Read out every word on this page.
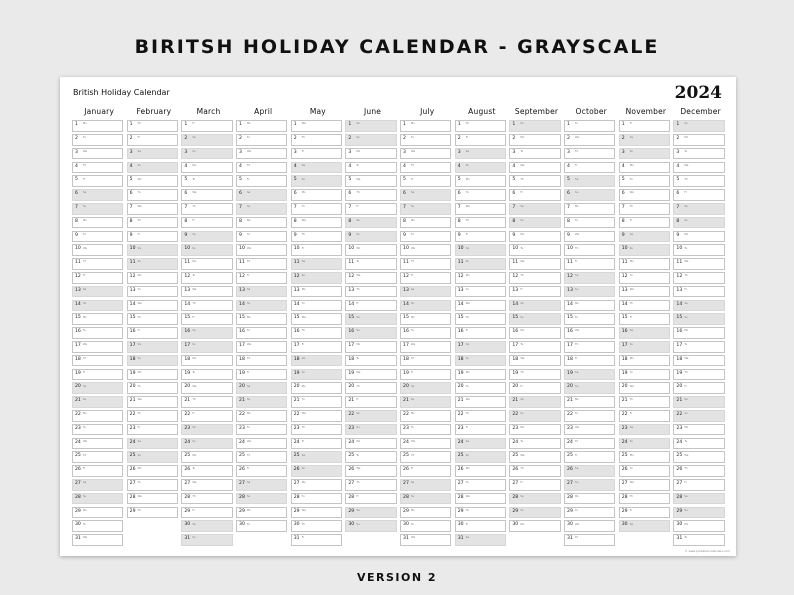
BIRITSH HOLIDAY CALENDAR - GRAYSCALE
British Holiday Calendar	2024
January
1 Mo
2 Tu
3 We
4 Th
5 Fr
6 Sa
7 Su
8 Mo
9 Tu
10 We
11 Th
12 Fr
13 Sa
14 Su
15 Mo
16 Tu
17 We
18 Th
19 Fr
20 Sa
21 Su
22 Mo
23 Tu
24 We
25 Th
26 Fr
27 Sa
28 Su
29 Mo
30 Tu
31 We
February
1 Th
2 Fr
3 Sa
4 Su
5 Mo
6 Tu
7 We
8 Th
9 Fr
10 Sa
11 Su
12 Mo
13 Tu
14 We
15 Th
16 Fr
17 Sa
18 Su
19 Mo
20 Tu
21 We
22 Th
23 Fr
24 Sa
25 Su
26 Mo
27 Tu
28 We
29 Th
March
1 Fr
2 Sa
3 Su
4 Mo
5 Tu
6 We
7 Th
8 Fr
9 Sa
10 Su
11 Mo
12 Tu
13 We
14 Th
15 Fr
16 Sa
17 Su
18 Mo
19 Tu
20 We
21 Th
22 Fr
23 Sa
24 Su
25 Mo
26 Tu
27 We
28 Th
29 Fr
30 Sa
31 Su
April
1 Mo
2 Tu
3 We
4 Th
5 Fr
6 Sa
7 Su
8 Mo
9 Tu
10 We
11 Th
12 Fr
13 Sa
14 Su
15 Mo
16 Tu
17 We
18 Th
19 Fr
20 Sa
21 Su
22 Mo
23 Tu
24 We
25 Th
26 Fr
27 Sa
28 Su
29 Mo
30 Tu
May
1 We
2 Th
3 Fr
4 Sa
5 Su
6 Mo
7 Tu
8 We
9 Th
10 Fr
11 Sa
12 Su
13 Mo
14 Tu
15 We
16 Th
17 Fr
18 Sa
19 Su
20 Mo
21 Tu
22 We
23 Th
24 Fr
25 Sa
26 Su
27 Mo
28 Tu
29 We
30 Th
31 Fr
June
1 Sa
2 Su
3 Mo
4 Tu
5 We
6 Th
7 Fr
8 Sa
9 Su
10 Mo
11 Tu
12 We
13 Th
14 Fr
15 Sa
16 Su
17 Mo
18 Tu
19 We
20 Th
21 Fr
22 Sa
23 Su
24 Mo
25 Tu
26 We
27 Th
28 Fr
29 Sa
30 Su
July
1 Mo
2 Tu
3 We
4 Th
5 Fr
6 Sa
7 Su
8 Mo
9 Tu
10 We
11 Th
12 Fr
13 Sa
14 Su
15 Mo
16 Tu
17 We
18 Th
19 Fr
20 Sa
21 Su
22 Mo
23 Tu
24 We
25 Th
26 Fr
27 Sa
28 Su
29 Mo
30 Tu
31 We
August
1 Th
2 Fr
3 Sa
4 Su
5 Mo
6 Tu
7 We
8 Th
9 Fr
10 Sa
11 Su
12 Mo
13 Tu
14 We
15 Th
16 Fr
17 Sa
18 Su
19 Mo
20 Tu
21 We
22 Th
23 Fr
24 Sa
25 Su
26 Mo
27 Tu
28 We
29 Th
30 Fr
31 Sa
September
1 Su
2 Mo
3 Tu
4 We
5 Th
6 Fr
7 Sa
8 Su
9 Mo
10 Tu
11 We
12 Th
13 Fr
14 Sa
15 Su
16 Mo
17 Tu
18 We
19 Th
20 Fr
21 Sa
22 Su
23 Mo
24 Tu
25 We
26 Th
27 Fr
28 Sa
29 Su
30 Mo
October
1 Tu
2 We
3 Th
4 Fr
5 Sa
6 Su
7 Mo
8 Tu
9 We
10 Th
11 Fr
12 Sa
13 Su
14 Mo
15 Tu
16 We
17 Th
18 Fr
19 Sa
20 Su
21 Mo
22 Tu
23 We
24 Th
25 Fr
26 Sa
27 Su
28 Mo
29 Tu
30 We
31 Th
November
1 Fr
2 Sa
3 Su
4 Mo
5 Tu
6 We
7 Th
8 Fr
9 Sa
10 Su
11 Mo
12 Tu
13 We
14 Th
15 Fr
16 Sa
17 Su
18 Mo
19 Tu
20 We
21 Th
22 Fr
23 Sa
24 Su
25 Mo
26 Tu
27 We
28 Th
29 Fr
30 Sa
December
1 Su
2 Mo
3 Tu
4 We
5 Th
6 Fr
7 Sa
8 Su
9 Mo
10 Tu
11 We
12 Th
13 Fr
14 Sa
15 Su
16 Mo
17 Tu
18 We
19 Th
20 Fr
21 Sa
22 Su
23 Mo
24 Tu
25 We
26 Th
27 Fr
28 Sa
29 Su
30 Mo
31 Tu
© www.printable-calendars.com
VERSION 2
